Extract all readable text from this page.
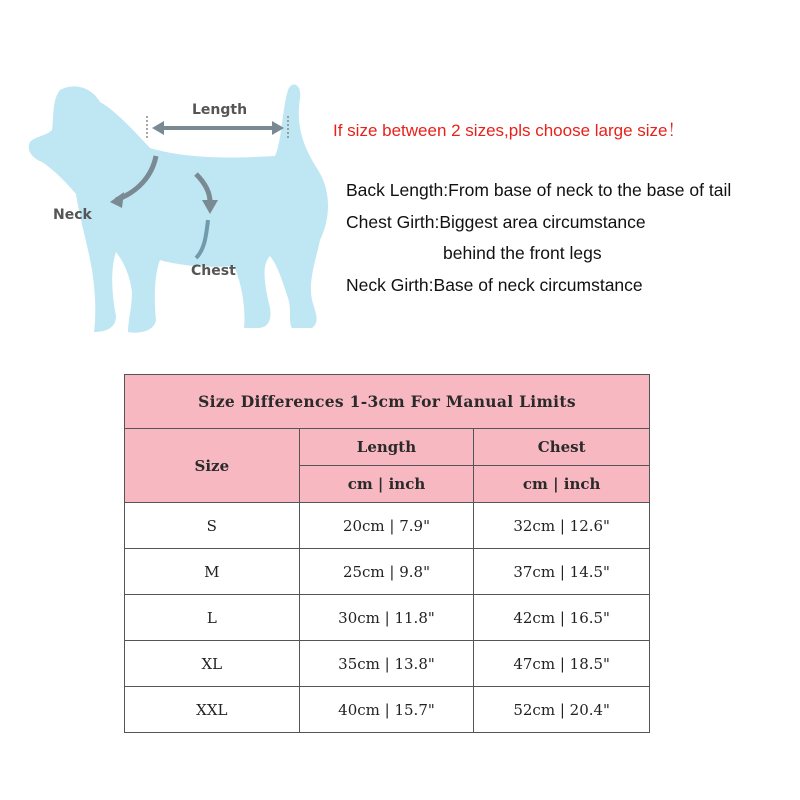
Length
Neck
Chest
If size between 2 sizes,pls choose large size！
Back Length:From base of neck to the base of tail
Chest Girth:Biggest area circumstance
behind the front legs
Neck Girth:Base of neck circumstance
Size Differences 1-3cm For Manual Limits		
Size	Length	Chest
	cm | inch	cm | inch
S	20cm | 7.9"	32cm | 12.6"
M	25cm | 9.8"	37cm | 14.5"
L	30cm | 11.8"	42cm | 16.5"
XL	35cm | 13.8"	47cm | 18.5"
XXL	40cm | 15.7"	52cm | 20.4"
